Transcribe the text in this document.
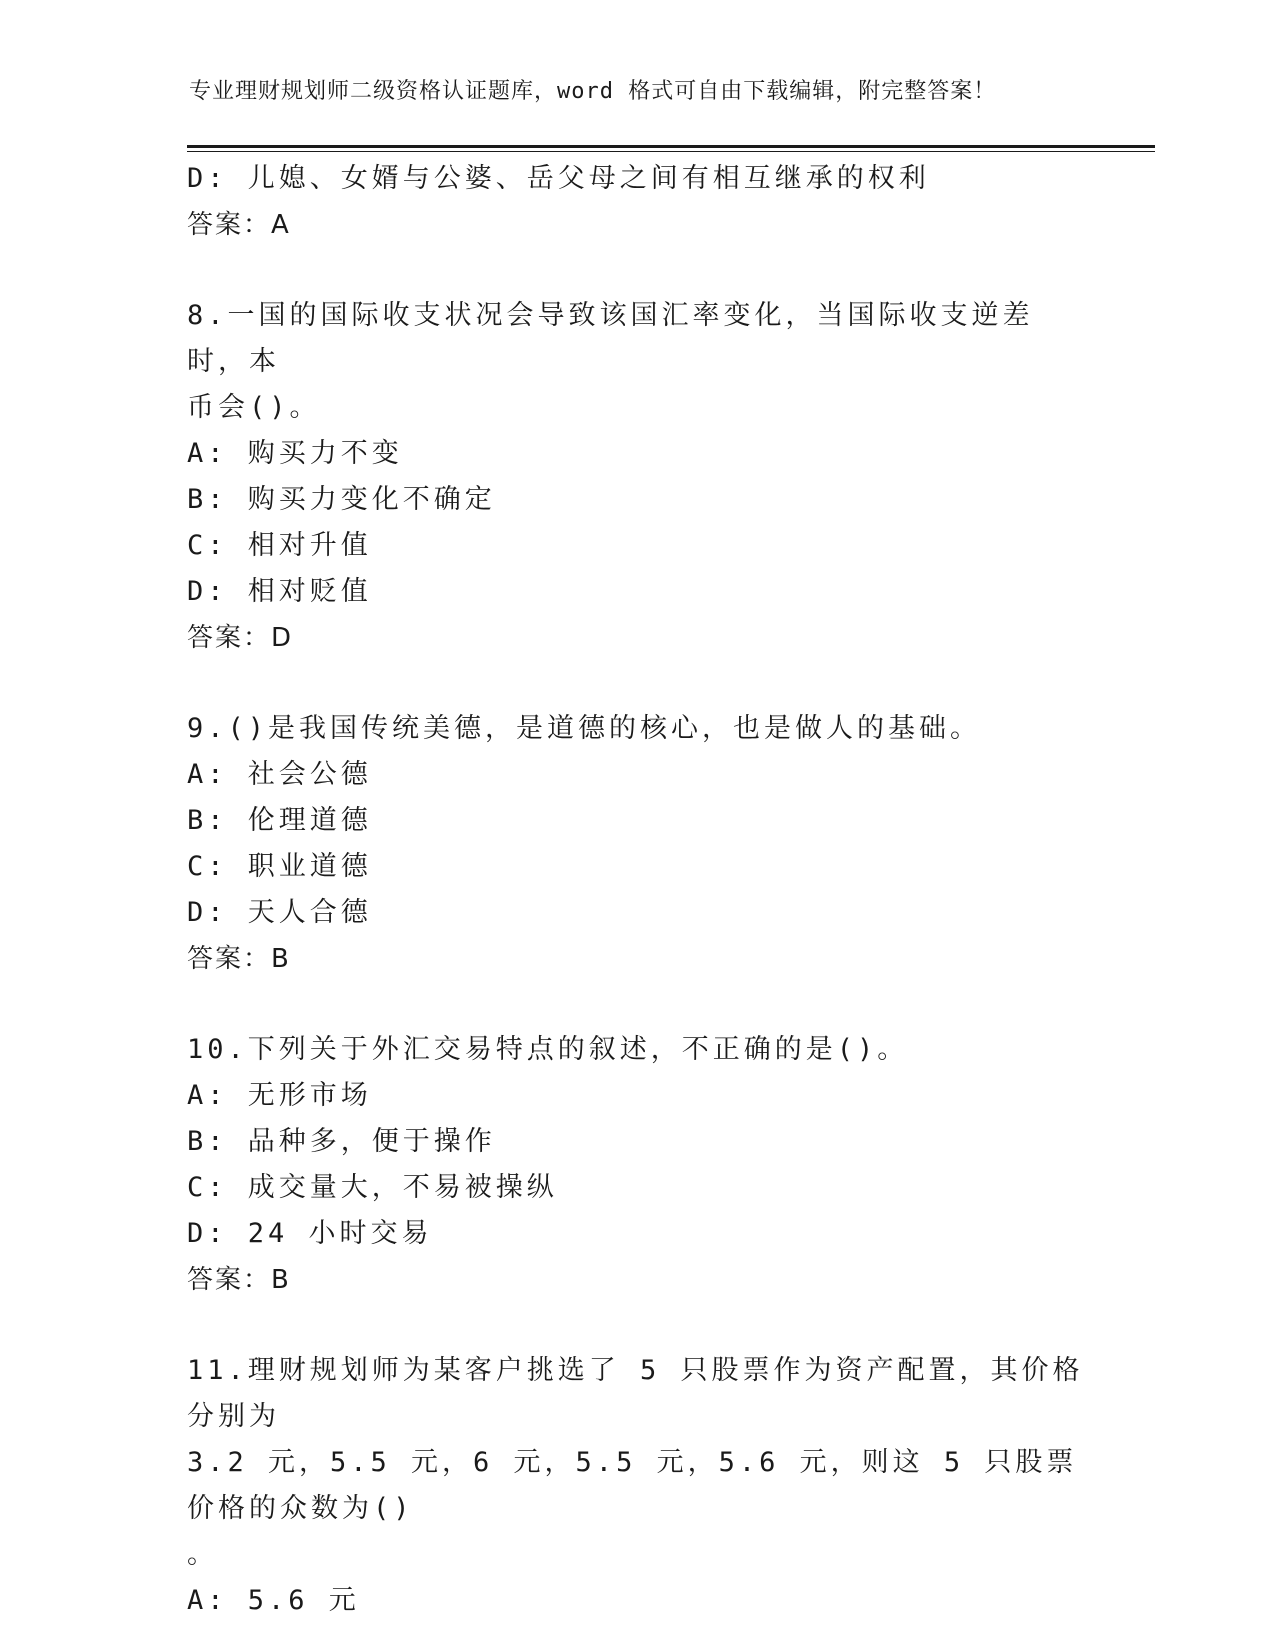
专业理财规划师二级资格认证题库，word 格式可自由下载编辑，附完整答案！
D: 儿媳、女婿与公婆、岳父母之间有相互继承的权利
答案：A
8.一国的国际收支状况会导致该国汇率变化，当国际收支逆差时，本
币会()。
A: 购买力不变
B: 购买力变化不确定
C: 相对升值
D: 相对贬值
答案：D
9.()是我国传统美德，是道德的核心，也是做人的基础。
A: 社会公德
B: 伦理道德
C: 职业道德
D: 天人合德
答案：B
10.下列关于外汇交易特点的叙述，不正确的是()。
A: 无形市场
B: 品种多，便于操作
C: 成交量大，不易被操纵
D: 24 小时交易
答案：B
11.理财规划师为某客户挑选了 5 只股票作为资产配置，其价格分别为
3.2 元，5.5 元，6 元，5.5 元，5.6 元，则这 5 只股票价格的众数为()
。
A: 5.6 元
